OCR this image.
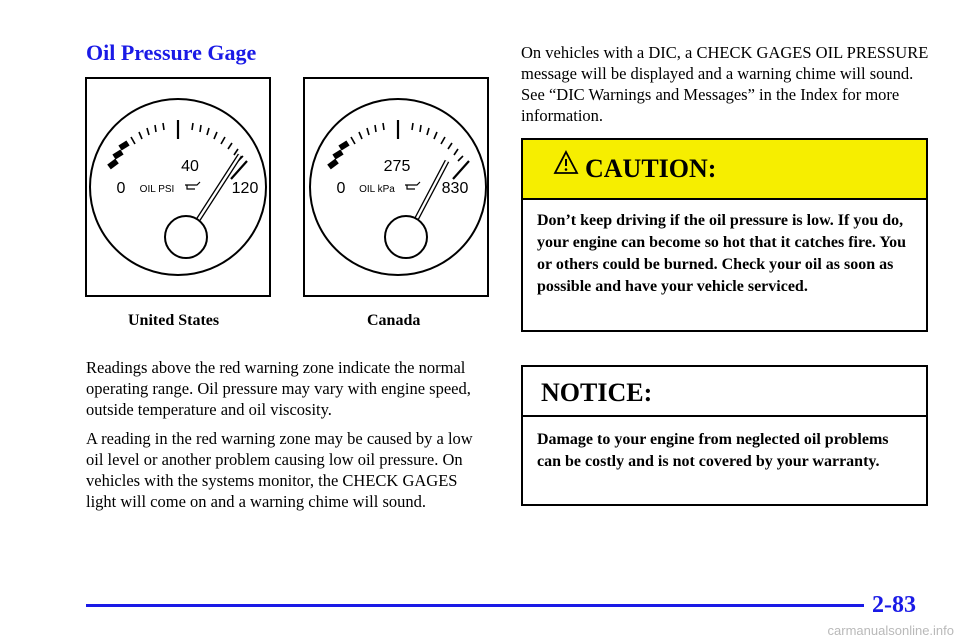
Oil Pressure Gage
40
0	120
OIL PSI
275
0	830
OIL kPa
United States	Canada

Readings above the red warning zone indicate the normal operating range. Oil pressure may vary with engine speed, outside temperature and oil viscosity.

A reading in the red warning zone may be caused by a low oil level or another problem causing low oil pressure. On vehicles with the systems monitor, the CHECK GAGES light will come on and a warning chime will sound.

On vehicles with a DIC, a CHECK GAGES OIL PRESSURE message will be displayed and a warning chime will sound. See “DIC Warnings and Messages” in the Index for more information.

CAUTION:
Don’t keep driving if the oil pressure is low. If you do, your engine can become so hot that it catches fire. You or others could be burned. Check your oil as soon as possible and have your vehicle serviced.
NOTICE:
Damage to your engine from neglected oil problems can be costly and is not covered by your warranty.
2-83
carmanualsonline.info
